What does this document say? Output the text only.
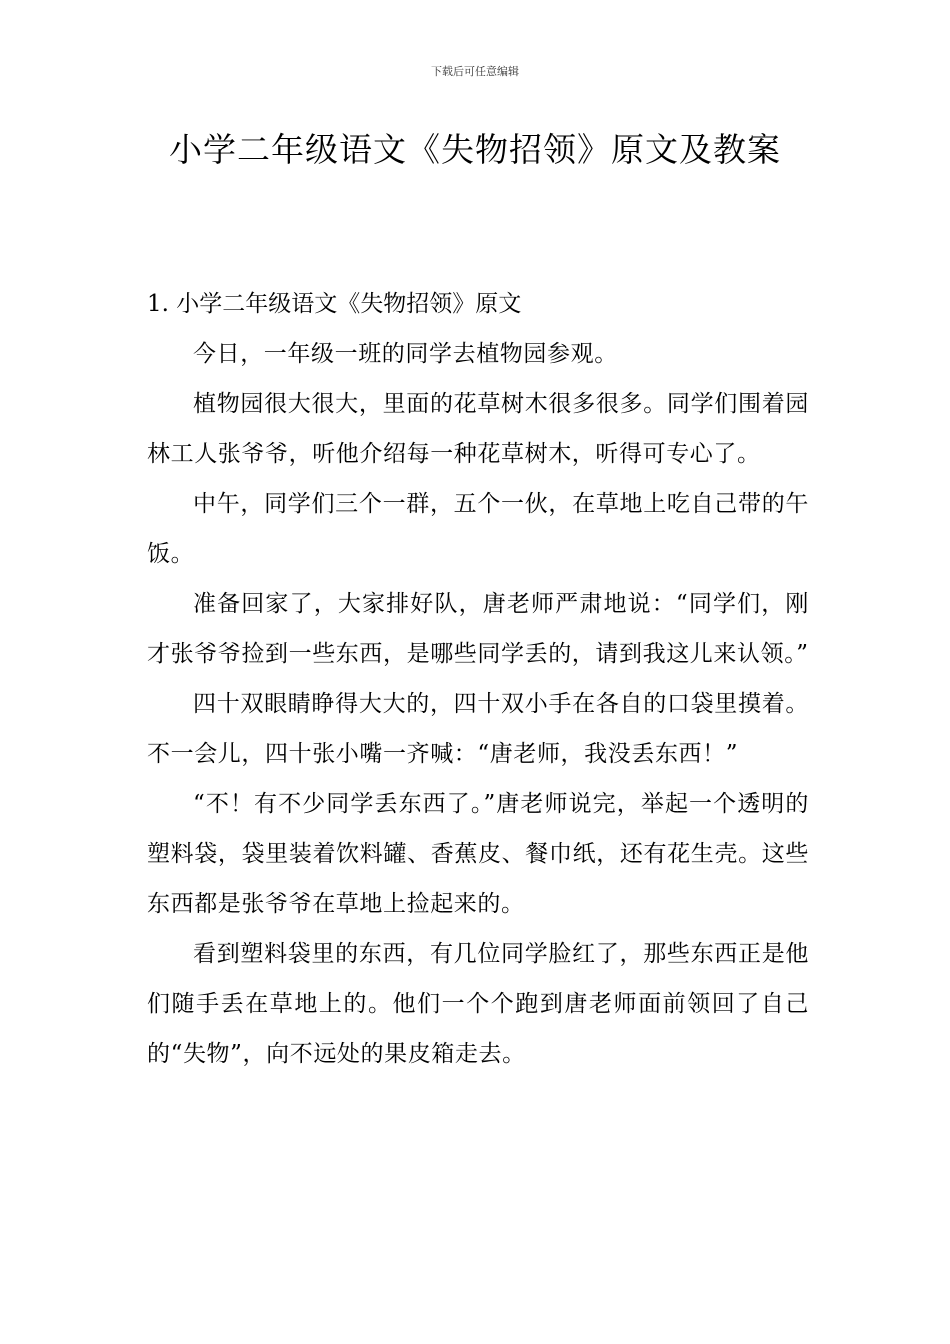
下载后可任意编辑
小学二年级语文《失物招领》原文及教案

1. 小学二年级语文《失物招领》原文

今日，一年级一班的同学去植物园参观。

植物园很大很大，里面的花草树木很多很多。同学们围着园林工人张爷爷，听他介绍每一种花草树木，听得可专心了。

中午，同学们三个一群，五个一伙，在草地上吃自己带的午饭。

准备回家了，大家排好队，唐老师严肃地说：“同学们，刚才张爷爷捡到一些东西，是哪些同学丢的，请到我这儿来认领。”

四十双眼睛睁得大大的，四十双小手在各自的口袋里摸着。不一会儿，四十张小嘴一齐喊：“唐老师，我没丢东西！”

“不！有不少同学丢东西了。”唐老师说完，举起一个透明的塑料袋，袋里装着饮料罐、香蕉皮、餐巾纸，还有花生壳。这些东西都是张爷爷在草地上捡起来的。

看到塑料袋里的东西，有几位同学脸红了，那些东西正是他们随手丢在草地上的。他们一个个跑到唐老师面前领回了自己的“失物”，向不远处的果皮箱走去。
